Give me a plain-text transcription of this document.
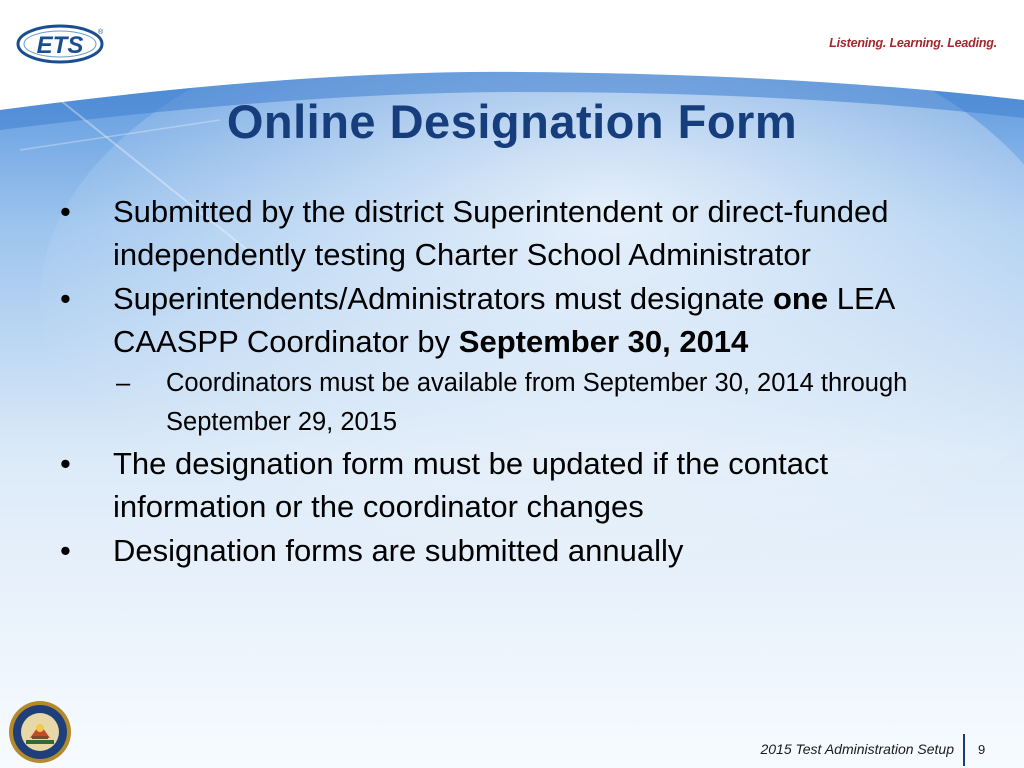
ETS ®
Listening. Learning. Leading.
Online Designation Form
• Submitted by the district Superintendent or direct-funded independently testing Charter School Administrator
• Superintendents/Administrators must designate one LEA CAASPP Coordinator by September 30, 2014
– Coordinators must be available from September 30, 2014 through September 29, 2015
• The designation form must be updated if the contact information or the coordinator changes
• Designation forms are submitted annually
2015 Test Administration Setup 9
